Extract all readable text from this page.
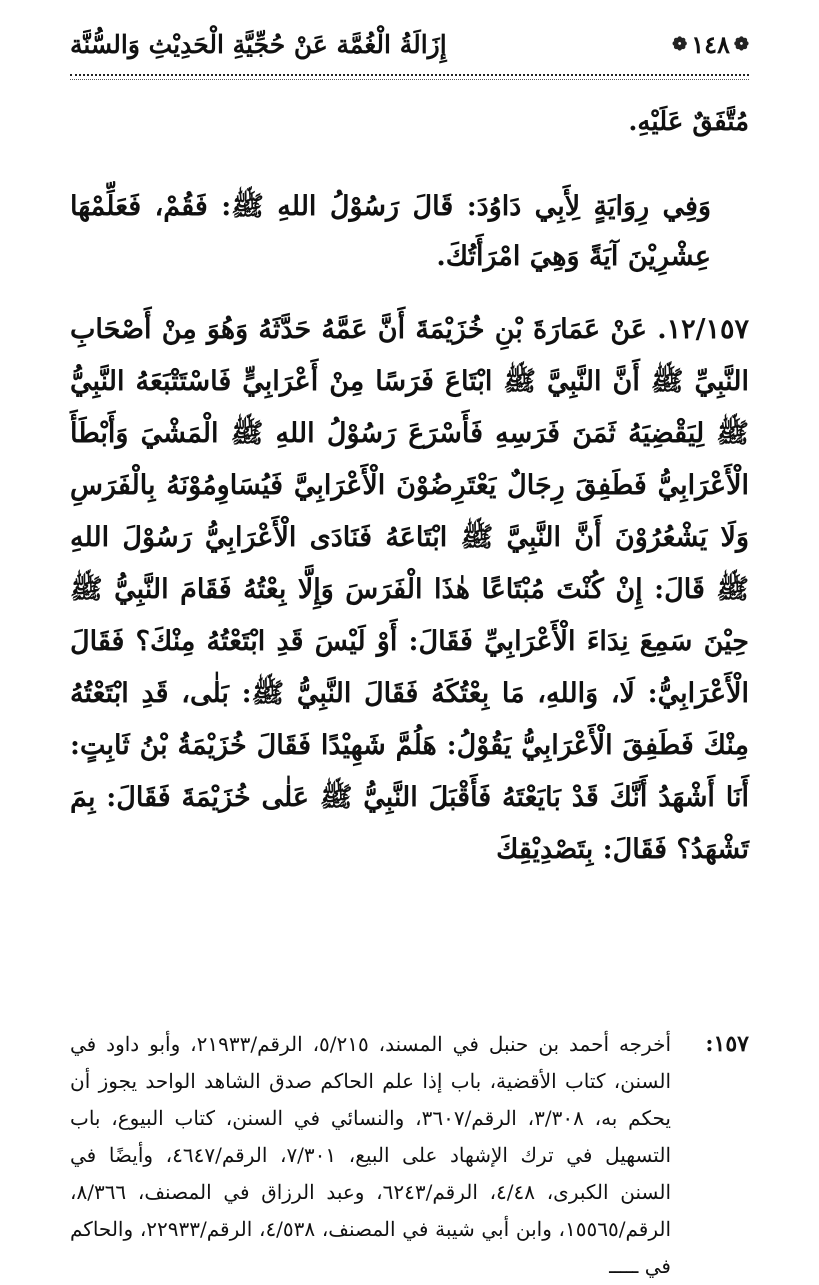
❁
١٤٨
❁
إِزَالَةُ الْغُمَّة عَنْ حُجِّيَّةِ الْحَدِيْثِ وَالسُّنَّة

مُتَّفَقٌ عَلَيْهِ.

وَفِي رِوَايَةٍ لِأَبِي دَاوُدَ: قَالَ رَسُوْلُ اللهِ ﷺ: فَقُمْ، فَعَلِّمْهَا عِشْرِيْنَ آيَةً وَهِيَ امْرَأَتُكَ.

١٢/١٥٧. عَنْ عَمَارَةَ بْنِ خُزَيْمَةَ أَنَّ عَمَّهُ حَدَّثَهُ وَهُوَ مِنْ أَصْحَابِ النَّبِيِّ ﷺ أَنَّ النَّبِيَّ ﷺ ابْتَاعَ فَرَسًا مِنْ أَعْرَابِيٍّ فَاسْتَتْبَعَهُ النَّبِيُّ ﷺ لِيَقْضِيَهُ ثَمَنَ فَرَسِهِ فَأَسْرَعَ رَسُوْلُ اللهِ ﷺ الْمَشْيَ وَأَبْطَأَ الْأَعْرَابِيُّ فَطَفِقَ رِجَالٌ يَعْتَرِضُوْنَ الْأَعْرَابِيَّ فَيُسَاوِمُوْنَهُ بِالْفَرَسِ وَلَا يَشْعُرُوْنَ أَنَّ النَّبِيَّ ﷺ ابْتَاعَهُ فَنَادَى الْأَعْرَابِيُّ رَسُوْلَ اللهِ ﷺ قَالَ: إِنْ كُنْتَ مُبْتَاعًا هٰذَا الْفَرَسَ وَإِلَّا بِعْتُهُ فَقَامَ النَّبِيُّ ﷺ حِيْنَ سَمِعَ نِدَاءَ الْأَعْرَابِيِّ فَقَالَ: أَوْ لَيْسَ قَدِ ابْتَعْتُهُ مِنْكَ؟ فَقَالَ الْأَعْرَابِيُّ: لَا، وَاللهِ، مَا بِعْتُكَهُ فَقَالَ النَّبِيُّ ﷺ: بَلٰى، قَدِ ابْتَعْتُهُ مِنْكَ فَطَفِقَ الْأَعْرَابِيُّ يَقُوْلُ: هَلُمَّ شَهِيْدًا فَقَالَ خُزَيْمَةُ بْنُ ثَابِتٍ: أَنَا أَشْهَدُ أَنَّكَ قَدْ بَايَعْتَهُ فَأَقْبَلَ النَّبِيُّ ﷺ عَلٰى خُزَيْمَةَ فَقَالَ: بِمَ تَشْهَدُ؟ فَقَالَ: بِتَصْدِيْقِكَ

١٥٧:
أخرجه أحمد بن حنبل في المسند، ٥/٢١٥، الرقم/٢١٩٣٣، وأبو داود في السنن، كتاب الأقضية، باب إذا علم الحاكم صدق الشاهد الواحد يجوز أن يحكم به، ٣/٣٠٨، الرقم/٣٦٠٧، والنسائي في السنن، كتاب البيوع، باب التسهيل في ترك الإشهاد على البيع، ٧/٣٠١، الرقم/٤٦٤٧، وأيضًا في السنن الكبرى، ٤/٤٨، الرقم/٦٢٤٣، وعبد الرزاق في المصنف، ٨/٣٦٦، الرقم/١٥٥٦٥، وابن أبي شيبة في المصنف، ٤/٥٣٨، الرقم/٢٢٩٣٣، والحاكم في ـــــ
